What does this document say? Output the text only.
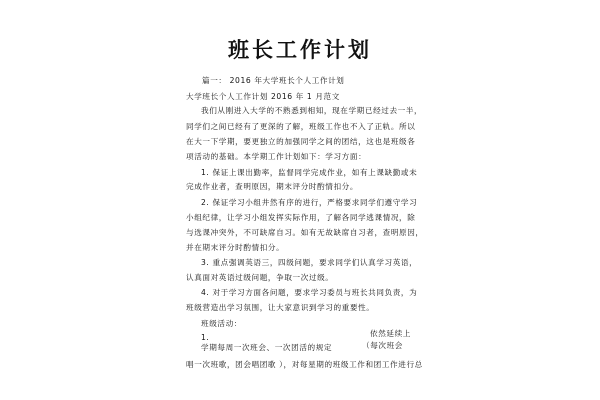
班长工作计划
篇一： 2016 年大学班长个人工作计划
大学班长个人工作计划 2016 年 1 月范文
我们从刚进入大学的不熟悉到相知，现在学期已经过去一半，
同学们之间已经有了更深的了解，班级工作也不入了正轨。所以
在大一下学期，要更独立的加强同学之间的团结，这也是班级各
项活动的基础。本学期工作计划如下：学习方面：
1. 保证上课出勤率，监督同学完成作业，如有上课缺勤或未
完成作业者，查明原因，期末评分时酌情扣分。
2. 保证学习小组井然有序的进行，严格要求同学们遵守学习
小组纪律，让学习小组发挥实际作用，了解各同学逃课情况，除
与选课冲突外，不可缺席自习。如有无故缺席自习者，查明原因，
并在期末评分时酌情扣分。
3. 重点强调英语三，四级问题，要求同学们认真学习英语，
认真面对英语过级问题，争取一次过级。
4. 对于学习方面各问题，要求学习委员与班长共同负责，为
班级营造出学习氛围，让大家意识到学习的重要性。
班级活动：
1.	依然延续上
学期每周一次班会、一次团活的规定	（每次班会
唱一次班歌，团会唱团歌 ），对每星期的班级工作和团工作进行总
